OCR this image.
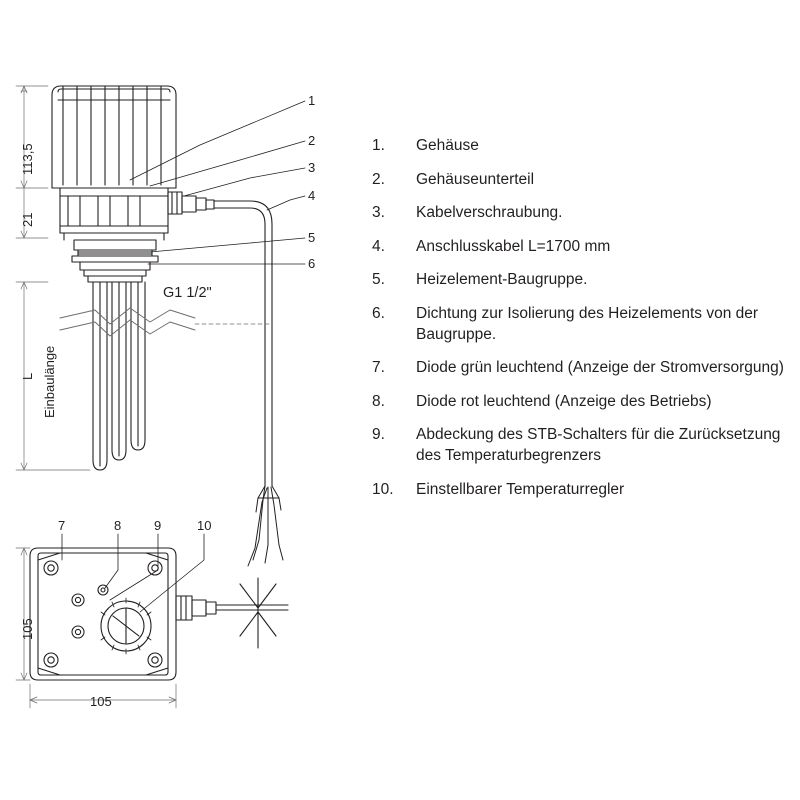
113,5
21
L Einbaulänge
105
105
G1 1/2"
1
2
3
4
5
6
7	8	9	10
1.	Gehäuse
2.	Gehäuseunterteil
3.	Kabelverschraubung.
4.	Anschlusskabel L=1700 mm
5.	Heizelement-Baugruppe.
6.	Dichtung zur Isolierung des Heizelements von der Baugruppe.
7.	Diode grün leuchtend (Anzeige der Stromversorgung)
8.	Diode rot leuchtend (Anzeige des Betriebs)
9.	Abdeckung des STB-Schalters für die Zurücksetzung des Temperaturbegrenzers
10.	Einstellbarer Temperaturregler
